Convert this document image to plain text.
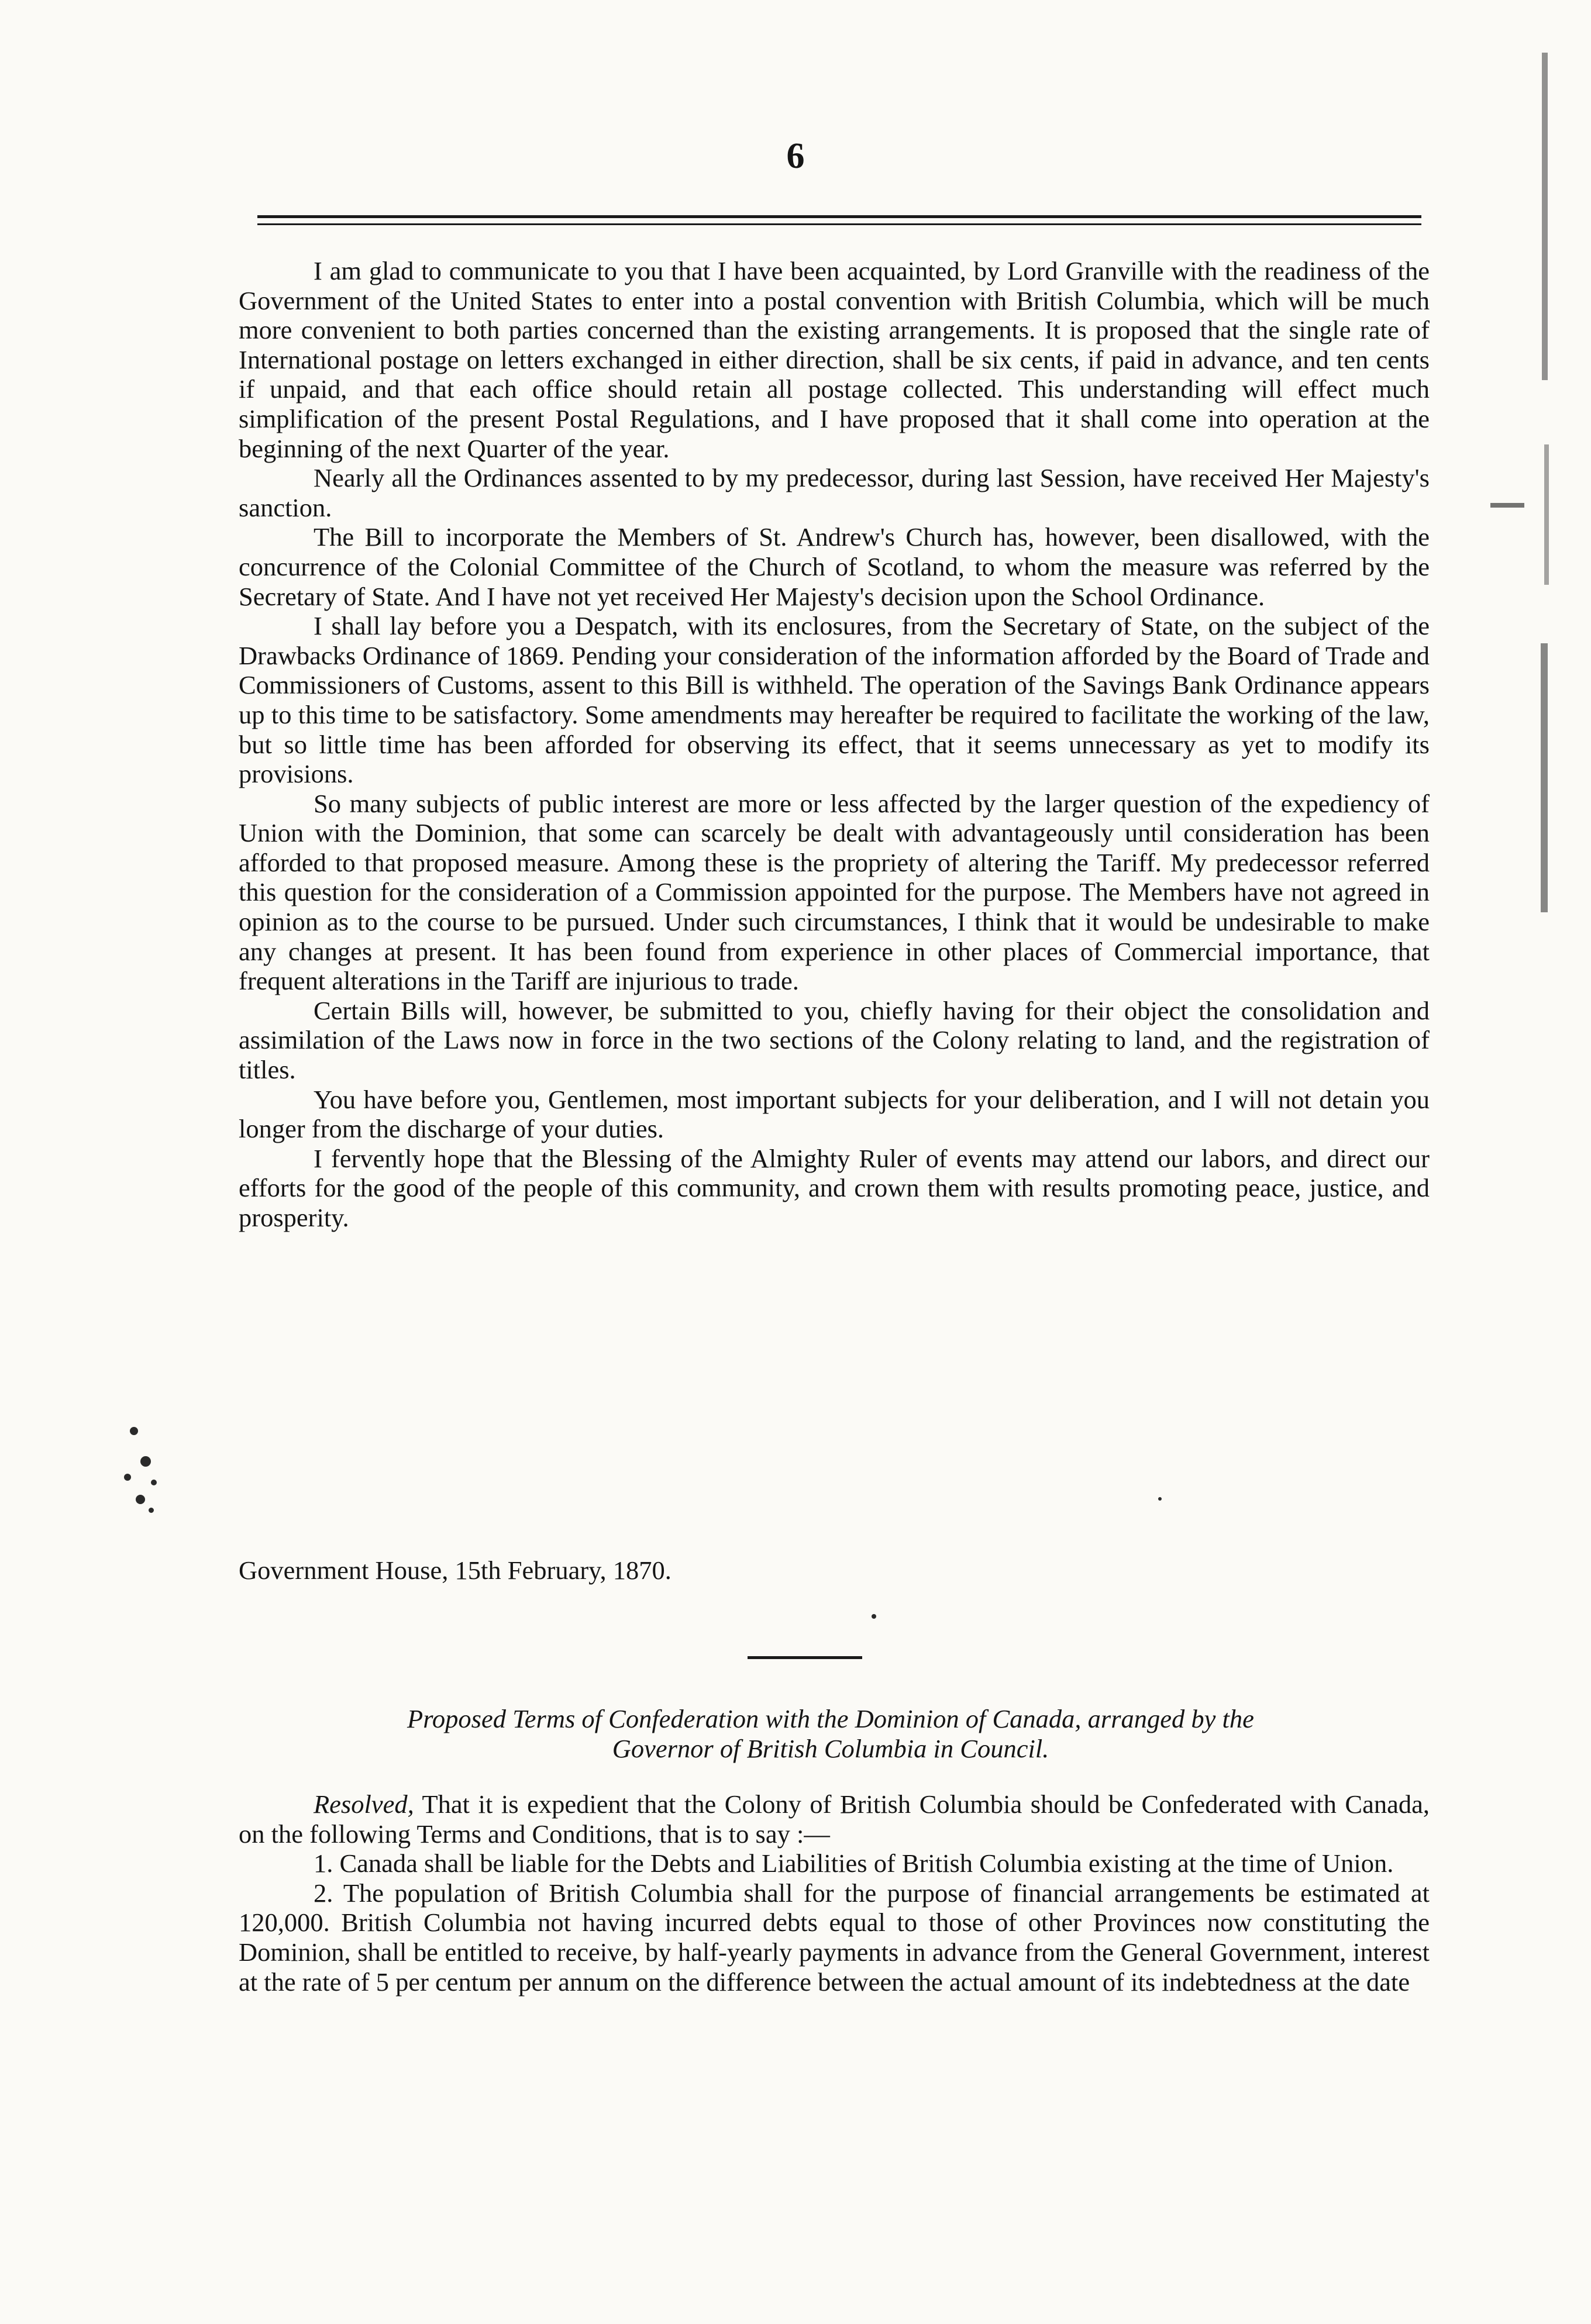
6

I am glad to communicate to you that I have been acquainted, by Lord Granville with the readiness of the Government of the United States to enter into a postal convention with British Columbia, which will be much more convenient to both parties concerned than the existing arrangements. It is proposed that the single rate of International postage on letters exchanged in either direction, shall be six cents, if paid in advance, and ten cents if unpaid, and that each office should retain all postage collected. This understanding will effect much simplification of the present Postal Regulations, and I have proposed that it shall come into operation at the beginning of the next Quarter of the year.

Nearly all the Ordinances assented to by my predecessor, during last Session, have received Her Majesty's sanction.

The Bill to incorporate the Members of St. Andrew's Church has, however, been disallowed, with the concurrence of the Colonial Committee of the Church of Scotland, to whom the measure was referred by the Secretary of State. And I have not yet received Her Majesty's decision upon the School Ordinance.

I shall lay before you a Despatch, with its enclosures, from the Secretary of State, on the subject of the Drawbacks Ordinance of 1869. Pending your consideration of the information afforded by the Board of Trade and Commissioners of Customs, assent to this Bill is withheld. The operation of the Savings Bank Ordinance appears up to this time to be satisfactory. Some amendments may hereafter be required to facilitate the working of the law, but so little time has been afforded for observing its effect, that it seems unnecessary as yet to modify its provisions.

So many subjects of public interest are more or less affected by the larger question of the expediency of Union with the Dominion, that some can scarcely be dealt with advantageously until consideration has been afforded to that proposed measure. Among these is the propriety of altering the Tariff. My predecessor referred this question for the consideration of a Commission appointed for the purpose. The Members have not agreed in opinion as to the course to be pursued. Under such circumstances, I think that it would be undesirable to make any changes at present. It has been found from experience in other places of Commercial importance, that frequent alterations in the Tariff are injurious to trade.

Certain Bills will, however, be submitted to you, chiefly having for their object the consolidation and assimilation of the Laws now in force in the two sections of the Colony relating to land, and the registration of titles.

You have before you, Gentlemen, most important subjects for your deliberation, and I will not detain you longer from the discharge of your duties.

I fervently hope that the Blessing of the Almighty Ruler of events may attend our labors, and direct our efforts for the good of the people of this community, and crown them with results promoting peace, justice, and prosperity.

Government House, 15th February, 1870.
Proposed Terms of Confederation with the Dominion of Canada, arranged by the
Governor of British Columbia in Council.

Resolved, That it is expedient that the Colony of British Columbia should be Confederated with Canada, on the following Terms and Conditions, that is to say :—

1. Canada shall be liable for the Debts and Liabilities of British Columbia existing at the time of Union.

2. The population of British Columbia shall for the purpose of financial arrangements be estimated at 120,000. British Columbia not having incurred debts equal to those of other Provinces now constituting the Dominion, shall be entitled to receive, by half-yearly payments in advance from the General Government, interest at the rate of 5 per centum per annum on the difference between the actual amount of its indebtedness at the date
